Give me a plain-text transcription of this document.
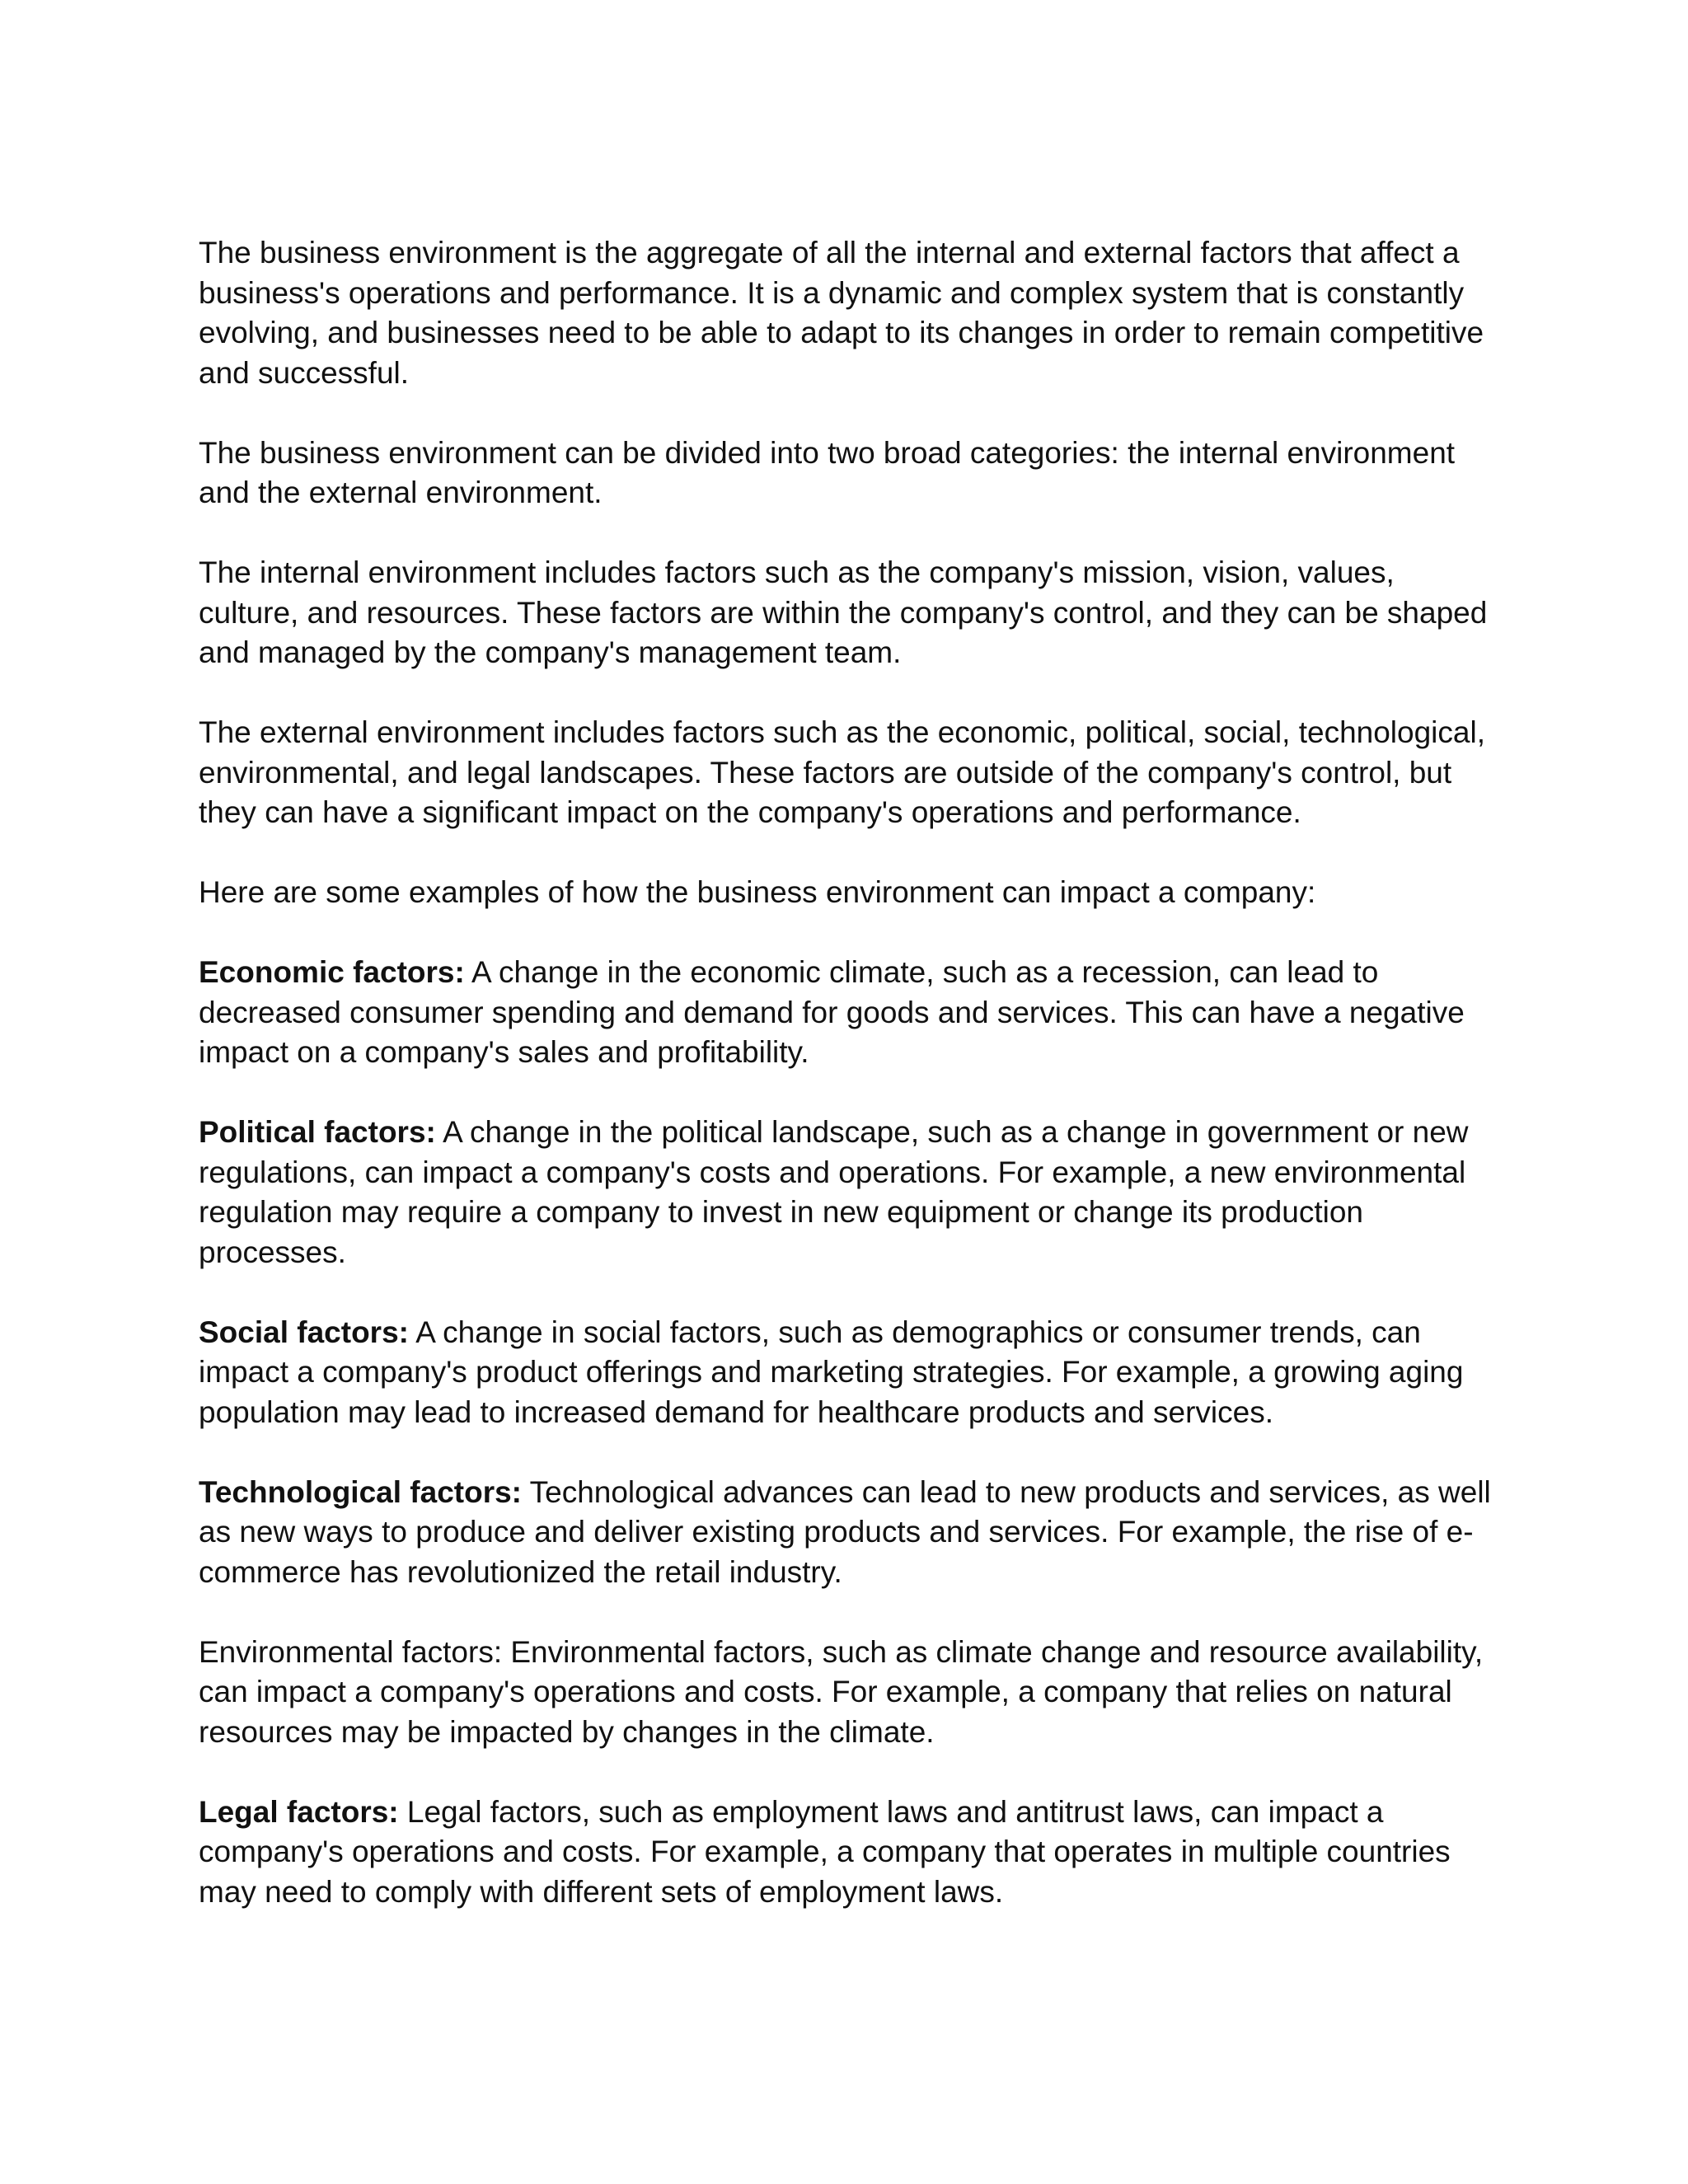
The business environment is the aggregate of all the internal and external factors that affect a business's operations and performance. It is a dynamic and complex system that is constantly evolving, and businesses need to be able to adapt to its changes in order to remain competitive and successful.

The business environment can be divided into two broad categories: the internal environment and the external environment.

The internal environment includes factors such as the company's mission, vision, values, culture, and resources. These factors are within the company's control, and they can be shaped and managed by the company's management team.

The external environment includes factors such as the economic, political, social, technological, environmental, and legal landscapes. These factors are outside of the company's control, but they can have a significant impact on the company's operations and performance.

Here are some examples of how the business environment can impact a company:

Economic factors: A change in the economic climate, such as a recession, can lead to decreased consumer spending and demand for goods and services. This can have a negative impact on a company's sales and profitability.

Political factors: A change in the political landscape, such as a change in government or new regulations, can impact a company's costs and operations. For example, a new environmental regulation may require a company to invest in new equipment or change its production processes.

Social factors: A change in social factors, such as demographics or consumer trends, can impact a company's product offerings and marketing strategies. For example, a growing aging population may lead to increased demand for healthcare products and services.

Technological factors: Technological advances can lead to new products and services, as well as new ways to produce and deliver existing products and services. For example, the rise of e-commerce has revolutionized the retail industry.

Environmental factors: Environmental factors, such as climate change and resource availability, can impact a company's operations and costs. For example, a company that relies on natural resources may be impacted by changes in the climate.

Legal factors: Legal factors, such as employment laws and antitrust laws, can impact a company's operations and costs. For example, a company that operates in multiple countries may need to comply with different sets of employment laws.
